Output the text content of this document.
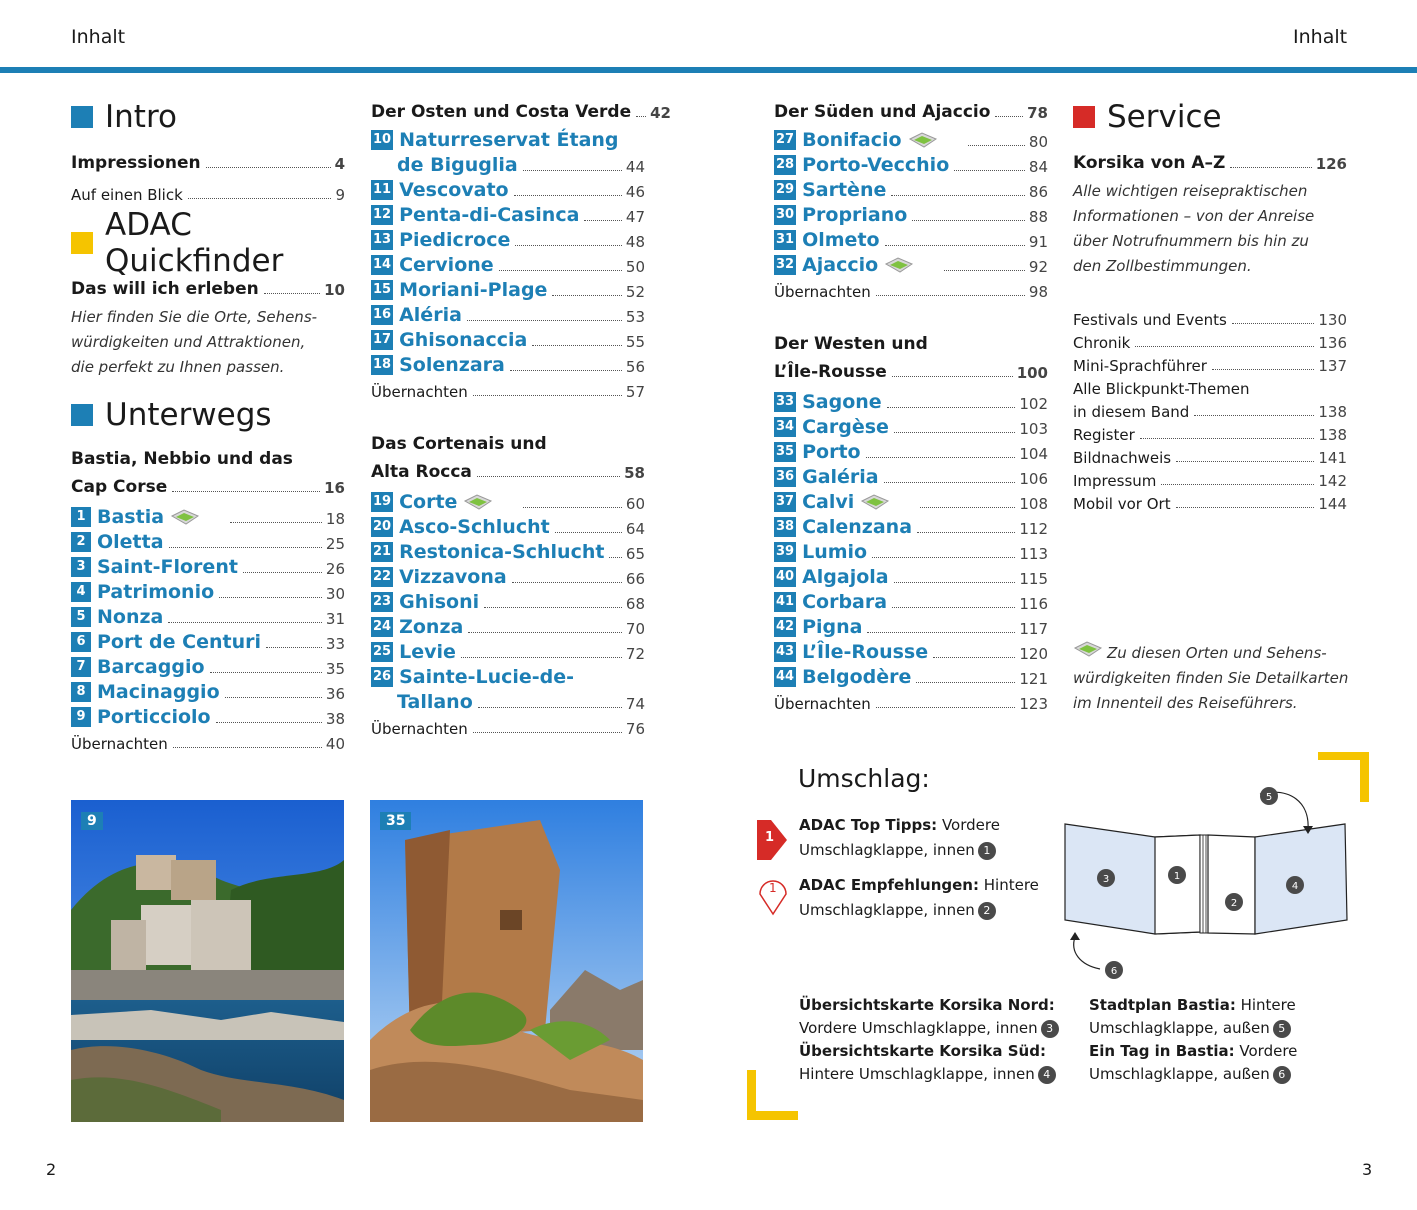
Inhalt	Inhalt
Intro
Impressionen	4
Auf einen Blick	9
ADAC Quickfinder
Das will ich erleben	10
Hier finden Sie die Orte, Sehens-
würdigkeiten und Attraktionen,
die perfekt zu Ihnen passen.
Unterwegs
Bastia, Nebbio und das
Cap Corse	16
1 Bastia	18
2 Oletta	25
3 Saint-Florent	26
4 Patrimonio	30
5 Nonza	31
6 Port de Centuri	33
7 Barcaggio	35
8 Macinaggio	36
9 Porticciolo	38
Übernachten	40
Der Osten und Costa Verde 42
10 Naturreservat Étang
de Biguglia	44
11 Vescovato	46
12 Penta-di-Casinca	47
13 Piedicroce	48
14 Cervione	50
15 Moriani-Plage	52
16 Aléria	53
17 Ghisonaccia	55
18 Solenzara	56
Übernachten	57
Das Cortenais und
Alta Rocca	58
19 Corte	60
20 Asco-Schlucht	64
21 Restonica-Schlucht 65
22 Vizzavona	66
23 Ghisoni	68
24 Zonza	70
25 Levie	72
26 Sainte-Lucie-de-
Tallano	74
Übernachten	76
Der Süden und Ajaccio 78
27 Bonifacio	80
28 Porto-Vecchio	84
29 Sartène	86
30 Propriano	88
31 Olmeto	91
32 Ajaccio	92
Übernachten	98
Der Westen und
L’Île-Rousse	100
33 Sagone	102
34 Cargèse	103
35 Porto	104
36 Galéria	106
37 Calvi	108
38 Calenzana	112
39 Lumio	113
40 Algajola	115
41 Corbara	116
42 Pigna	117
43 L’Île-Rousse	120
44 Belgodère	121
Übernachten	123
Service
Korsika von A–Z	126
Alle wichtigen reisepraktischen
Informationen – von der Anreise
über Notrufnummern bis hin zu
den Zollbestimmungen.
Festivals und Events	130
Chronik	136
Mini-Sprachführer	137
Alle Blickpunkt-Themen
in diesem Band	138
Register	138
Bildnachweis	141
Impressum	142
Mobil vor Ort	144
Zu diesen Orten und Sehens-
würdigkeiten finden Sie Detailkarten
im Innenteil des Reiseführers.
9	35
Umschlag:
1
ADAC Top Tipps: Vordere
Umschlagklappe, innen 1
1 ADAC Empfehlungen: Hintere
Umschlagklappe, innen 2
Übersichtskarte Korsika Nord:
Vordere Umschlagklappe, innen 3
Übersichtskarte Korsika Süd:
Hintere Umschlagklappe, innen 4
Stadtplan Bastia: Hintere
Umschlagklappe, außen 5
Ein Tag in Bastia: Vordere
Umschlagklappe, außen 6
3	1
2
4
5
6
2	3
